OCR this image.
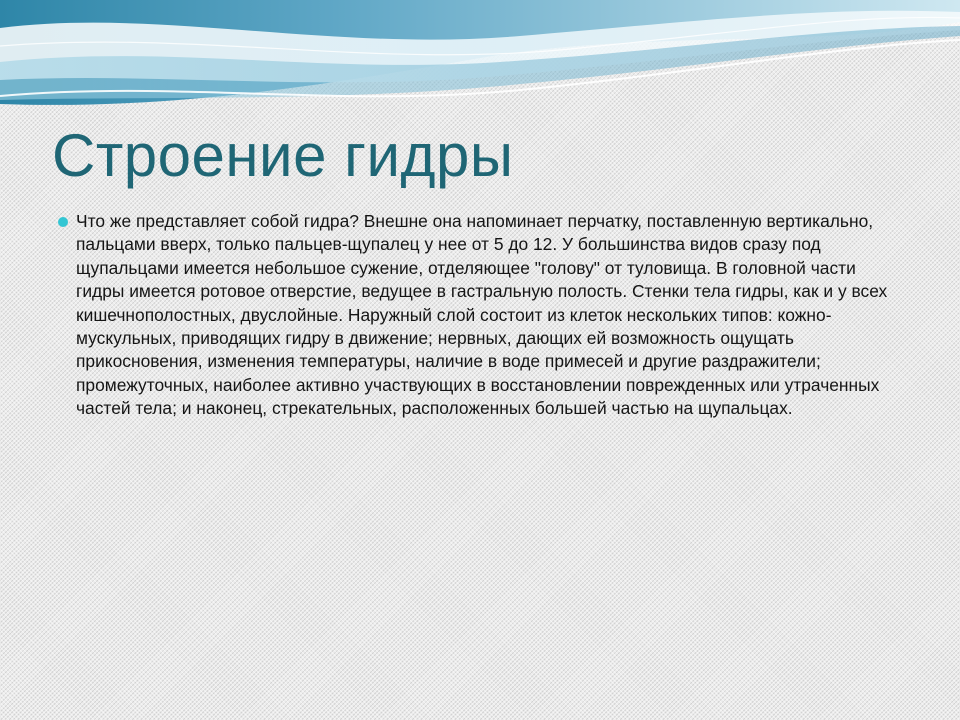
Строение гидры
Что же представляет собой гидра? Внешне она напоминает перчатку, поставленную вертикально, пальцами вверх, только пальцев-щупалец у нее от 5 до 12. У большинства видов сразу под щупальцами имеется небольшое сужение, отделяющее "голову" от туловища. В головной части гидры имеется ротовое отверстие, ведущее в гастральную полость. Стенки тела гидры, как и у всех кишечнополостных, двуслойные. Наружный слой состоит из клеток нескольких типов: кожно-мускульных, приводящих гидру в движение; нервных, дающих ей возможность ощущать прикосновения, изменения температуры, наличие в воде примесей и другие раздражители; промежуточных, наиболее активно участвующих в восстановлении поврежденных или утраченных частей тела; и наконец, стрекательных, расположенных большей частью на щупальцах.
